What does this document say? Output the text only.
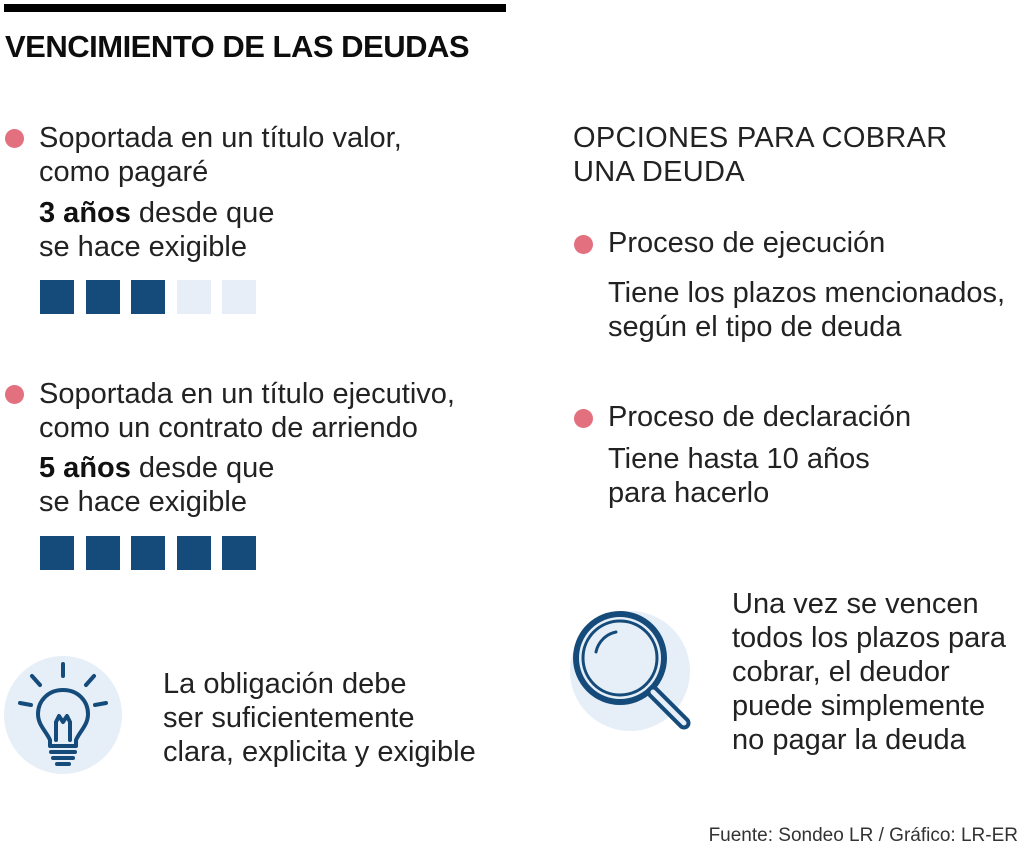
VENCIMIENTO DE LAS DEUDAS
Soportada en un título valor,
como pagaré
3 años desde que
se hace exigible
Soportada en un título ejecutivo,
como un contrato de arriendo
5 años desde que
se hace exigible
La obligación debe
ser suficientemente
clara, explicita y exigible
OPCIONES PARA COBRAR
UNA DEUDA
Proceso de ejecución
Tiene los plazos mencionados,
según el tipo de deuda
Proceso de declaración
Tiene hasta 10 años
para hacerlo
Una vez se vencen
todos los plazos para
cobrar, el deudor
puede simplemente
no pagar la deuda
Fuente: Sondeo LR / Gráfico: LR-ER
